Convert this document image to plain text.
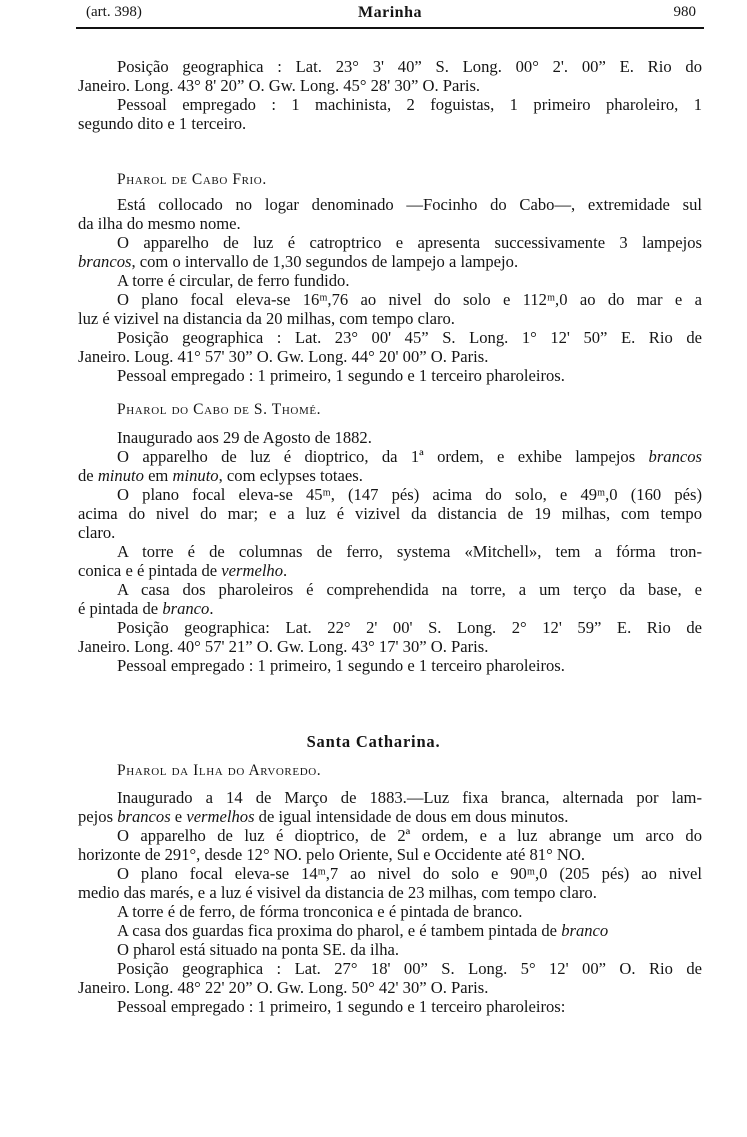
(art. 398)	Marinha	980
Posição geographica : Lat. 23° 3' 40” S. Long. 00° 2'. 00” E. Rio do
Janeiro. Long. 43° 8' 20” O. Gw. Long. 45° 28' 30” O. Paris.
Pessoal empregado : 1 machinista, 2 foguistas, 1 primeiro pharoleiro, 1
segundo dito e 1 terceiro.
Pharol de Cabo Frio.
Está collocado no logar denominado —Focinho do Cabo—, extremidade sul
da ilha do mesmo nome.
O apparelho de luz é catroptrico e apresenta successivamente 3 lampejos
brancos, com o intervallo de 1,30 segundos de lampejo a lampejo.
A torre é circular, de ferro fundido.
O plano focal eleva-se 16ᵐ,76 ao nivel do solo e 112ᵐ,0 ao do mar e a
luz é vizivel na distancia da 20 milhas, com tempo claro.
Posição geographica : Lat. 23° 00' 45” S. Long. 1° 12' 50” E. Rio de
Janeiro. Loug. 41° 57' 30” O. Gw. Long. 44° 20' 00” O. Paris.
Pessoal empregado : 1 primeiro, 1 segundo e 1 terceiro pharoleiros.
Pharol do Cabo de S. Thomé.
Inaugurado aos 29 de Agosto de 1882.
O apparelho de luz é dioptrico, da 1ª ordem, e exhibe lampejos brancos
de minuto em minuto, com eclypses totaes.
O plano focal eleva-se 45ᵐ, (147 pés) acima do solo, e 49ᵐ,0 (160 pés)
acima do nivel do mar; e a luz é vizivel da distancia de 19 milhas, com tempo
claro.
A torre é de columnas de ferro, systema «Mitchell», tem a fórma tron-
conica e é pintada de vermelho.
A casa dos pharoleiros é comprehendida na torre, a um terço da base, e
é pintada de branco.
Posição geographica: Lat. 22° 2' 00' S. Long. 2° 12' 59” E. Rio de
Janeiro. Long. 40° 57' 21” O. Gw. Long. 43° 17' 30” O. Paris.
Pessoal empregado : 1 primeiro, 1 segundo e 1 terceiro pharoleiros.
Santa Catharina.
Pharol da Ilha do Arvoredo.
Inaugurado a 14 de Março de 1883.—Luz fixa branca, alternada por lam-
pejos brancos e vermelhos de igual intensidade de dous em dous minutos.
O apparelho de luz é dioptrico, de 2ª ordem, e a luz abrange um arco do
horizonte de 291°, desde 12° NO. pelo Oriente, Sul e Occidente até 81° NO.
O plano focal eleva-se 14ᵐ,7 ao nivel do solo e 90ᵐ,0 (205 pés) ao nivel
medio das marés, e a luz é visivel da distancia de 23 milhas, com tempo claro.
A torre é de ferro, de fórma tronconica e é pintada de branco.
A casa dos guardas fica proxima do pharol, e é tambem pintada de branco
O pharol está situado na ponta SE. da ilha.
Posição geographica : Lat. 27° 18' 00” S. Long. 5° 12' 00” O. Rio de
Janeiro. Long. 48° 22' 20” O. Gw. Long. 50° 42' 30” O. Paris.
Pessoal empregado : 1 primeiro, 1 segundo e 1 terceiro pharoleiros:
